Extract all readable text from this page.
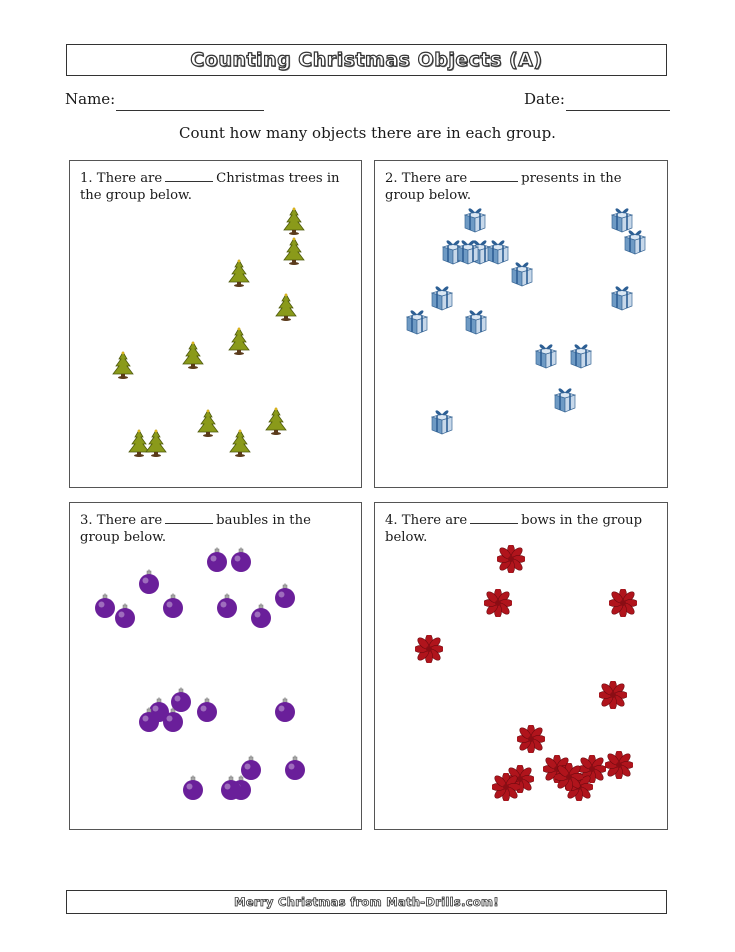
Counting Christmas Objects (A)
Name:	Date:
Count how many objects there are in each group.
1. There are	Christmas trees in the group below.
2. There are	presents in the group below.
3. There are	baubles in the group below.
4. There are	bows in the group below.
Merry Christmas from Math-Drills.com!
